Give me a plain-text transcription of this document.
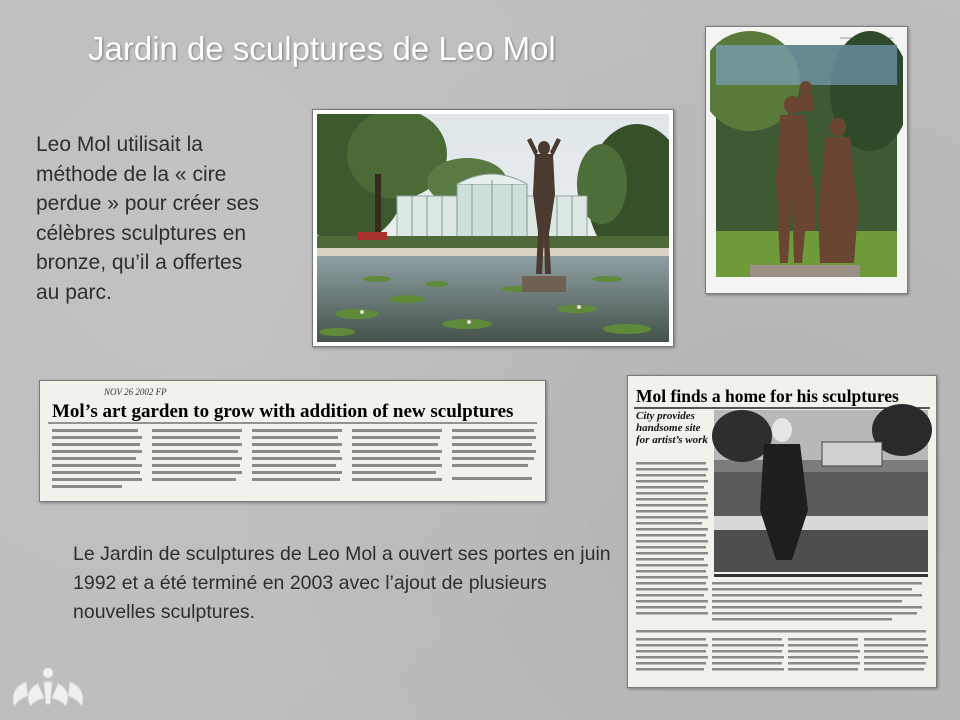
Jardin de sculptures de Leo Mol
Leo Mol utilisait la méthode de la « cire perdue » pour créer ses célèbres sculptures en bronze, qu’il a offertes au parc.
NOV 26 2002 FP
Mol’s art garden to grow with addition of new sculptures
Mol finds a home for his sculptures
City provides handsome site for artist’s work
Le Jardin de sculptures de Leo Mol a ouvert ses portes en juin 1992 et a été terminé en 2003 avec l’ajout de plusieurs nouvelles sculptures.
